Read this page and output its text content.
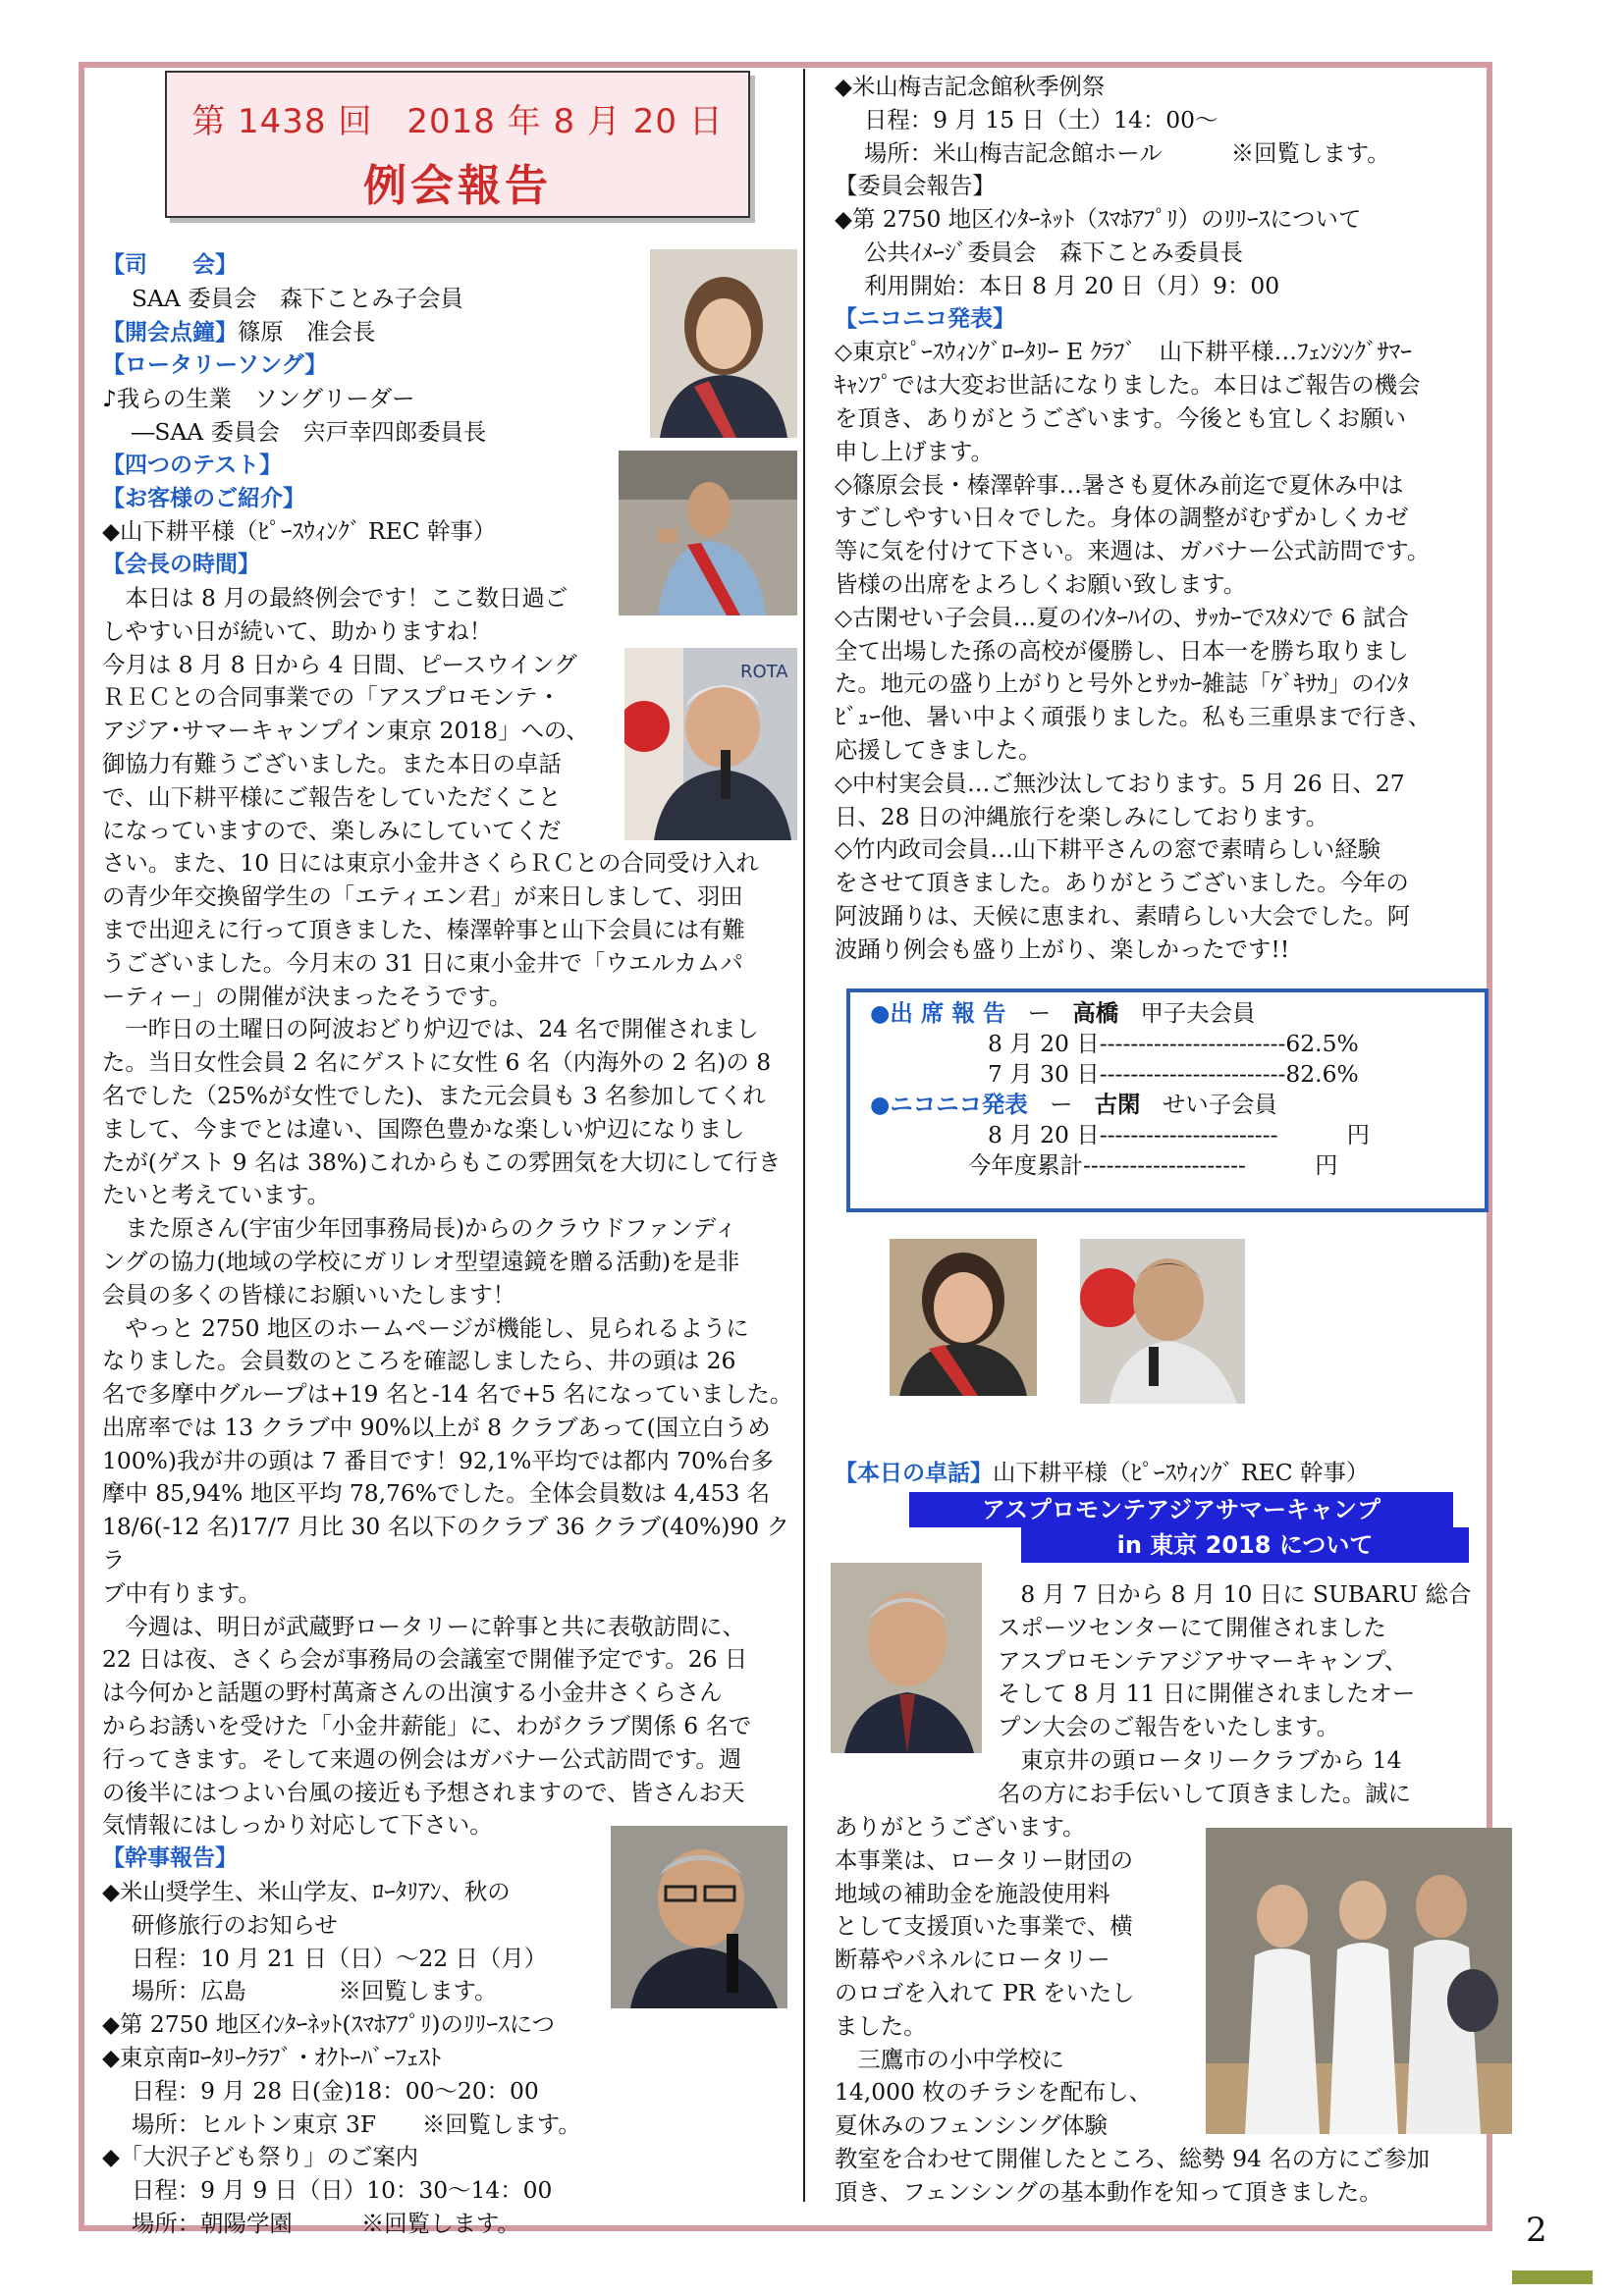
第 1438 回　2018 年 8 月 20 日
例会報告

【司　　会】

SAA 委員会　森下ことみ子会員

【開会点鐘】篠原　准会長

【ロータリーソング】

♪我らの生業　ソングリーダー

―SAA 委員会　宍戸幸四郎委員長

【四つのテスト】

【お客様のご紹介】

◆山下耕平様（ﾋﾟｰｽｳｨﾝｸﾞ REC 幹事）

【会長の時間】

　本日は 8 月の最終例会です！ここ数日過ご

しやすい日が続いて、助かりますね！

今月は 8 月 8 日から 4 日間、ピースウイング

ＲＥＣとの合同事業での「アスプロモンテ・

アジア･サマーキャンプイン東京 2018」への、

御協力有難うございました。また本日の卓話

で、山下耕平様にご報告をしていただくこと

になっていますので、楽しみにしていてくだ

さい。また、10 日には東京小金井さくらＲＣとの合同受け入れ

の青少年交換留学生の「エティエン君」が来日しまして、羽田

まで出迎えに行って頂きました、榛澤幹事と山下会員には有難

うございました。今月末の 31 日に東小金井で「ウエルカムパ

ーティー」の開催が決まったそうです。

　一昨日の土曜日の阿波おどり炉辺では、24 名で開催されまし

た。当日女性会員 2 名にゲストに女性 6 名（内海外の 2 名)の 8

名でした（25%が女性でした)、また元会員も 3 名参加してくれ

まして、今までとは違い、国際色豊かな楽しい炉辺になりまし

たが(ゲスト 9 名は 38%)これからもこの雰囲気を大切にして行き

たいと考えています。

　また原さん(宇宙少年団事務局長)からのクラウドファンディ

ングの協力(地域の学校にガリレオ型望遠鏡を贈る活動)を是非

会員の多くの皆様にお願いいたします！

　やっと 2750 地区のホームページが機能し、見られるように

なりました。会員数のところを確認しましたら、井の頭は 26

名で多摩中グループは+19 名と-14 名で+5 名になっていました。

出席率では 13 クラブ中 90%以上が 8 クラブあって(国立白うめ

100%)我が井の頭は 7 番目です！92,1%平均では都内 70%台多

摩中 85,94% 地区平均 78,76%でした。全体会員数は 4,453 名

18/6(-12 名)17/7 月比 30 名以下のクラブ 36 クラブ(40%)90 クラ

ブ中有ります。

　今週は、明日が武蔵野ロータリーに幹事と共に表敬訪問に、

22 日は夜、さくら会が事務局の会議室で開催予定です。26 日

は今何かと話題の野村萬斎さんの出演する小金井さくらさん

からお誘いを受けた「小金井薪能」に、わがクラブ関係 6 名で

行ってきます。そして来週の例会はガバナー公式訪問です。週

の後半にはつよい台風の接近も予想されますので、皆さんお天

気情報にはしっかり対応して下さい。

【幹事報告】

◆米山奨学生、米山学友、ﾛｰﾀﾘｱﾝ、秋の

研修旅行のお知らせ

日程：10 月 21 日（日）～22 日（月）

場所：広島　　　　※回覧します。

◆第 2750 地区ｲﾝﾀｰﾈｯﾄ(ｽﾏﾎｱﾌﾟﾘ)のﾘﾘｰｽにつ

◆東京南ﾛｰﾀﾘｰｸﾗﾌﾞ・ｵｸﾄｰﾊﾞｰﾌｪｽﾄ

日程：9 月 28 日(金)18：00～20：00

場所：ヒルトン東京 3F　　※回覧します。

◆「大沢子ども祭り」のご案内

日程：9 月 9 日（日）10：30～14：00

場所：朝陽学園　　　※回覧します。

◆米山梅吉記念館秋季例祭

日程：9 月 15 日（土）14：00～

場所：米山梅吉記念館ホール　　　※回覧します。

【委員会報告】

◆第 2750 地区ｲﾝﾀｰﾈｯﾄ（ｽﾏﾎｱﾌﾟﾘ）のﾘﾘｰｽについて

公共ｲﾒｰｼﾞ委員会　森下ことみ委員長

利用開始：本日 8 月 20 日（月）9：00

【ニコニコ発表】

◇東京ﾋﾟｰｽｳｨﾝｸﾞﾛｰﾀﾘｰ E ｸﾗﾌﾞ　山下耕平様…ﾌｪﾝｼﾝｸﾞｻﾏｰ

ｷｬﾝﾌﾟでは大変お世話になりました。本日はご報告の機会

を頂き、ありがとうございます。今後とも宜しくお願い

申し上げます。

◇篠原会長・榛澤幹事…暑さも夏休み前迄で夏休み中は

すごしやすい日々でした。身体の調整がむずかしくカゼ

等に気を付けて下さい。来週は、ガバナー公式訪問です。

皆様の出席をよろしくお願い致します。

◇古閑せい子会員…夏のｲﾝﾀｰﾊｲの、ｻｯｶｰでｽﾀﾒﾝで 6 試合

全て出場した孫の高校が優勝し、日本一を勝ち取りまし

た。地元の盛り上がりと号外とｻｯｶｰ雑誌「ｹﾞｷｻｶ」のｲﾝﾀ

ﾋﾞｭｰ他、暑い中よく頑張りました。私も三重県まで行き、

応援してきました。

◇中村実会員…ご無沙汰しております。5 月 26 日、27

日、28 日の沖縄旅行を楽しみにしております。

◇竹内政司会員…山下耕平さんの窓で素晴らしい経験

をさせて頂きました。ありがとうございました。今年の

阿波踊りは、天候に恵まれ、素晴らしい大会でした。阿

波踊り例会も盛り上がり、楽しかったです!!

ROTA
●出 席 報 告 ー 高橋 甲子夫会員
8 月 20 日------------------------62.5%
7 月 30 日------------------------82.6%
●ニコニコ発表 ー 古閑 せい子会員
8 月 20 日-----------------------　　　円
今年度累計---------------------　　　円
【本日の卓話】山下耕平様（ﾋﾟｰｽｳｨﾝｸﾞ REC 幹事）
アスプロモンテアジアサマーキャンプ
in 東京 2018 について

　8 月 7 日から 8 月 10 日に SUBARU 総合

スポーツセンターにて開催されました

アスプロモンテアジアサマーキャンプ、

そして 8 月 11 日に開催されましたオー

プン大会のご報告をいたします。

　東京井の頭ロータリークラブから 14

名の方にお手伝いして頂きました。誠に

ありがとうございます。

本事業は、ロータリー財団の

地域の補助金を施設使用料

として支援頂いた事業で、横

断幕やパネルにロータリー

のロゴを入れて PR をいたし

ました。

　三鷹市の小中学校に

14,000 枚のチラシを配布し、

夏休みのフェンシング体験

教室を合わせて開催したところ、総勢 94 名の方にご参加

頂き、フェンシングの基本動作を知って頂きました。

2
